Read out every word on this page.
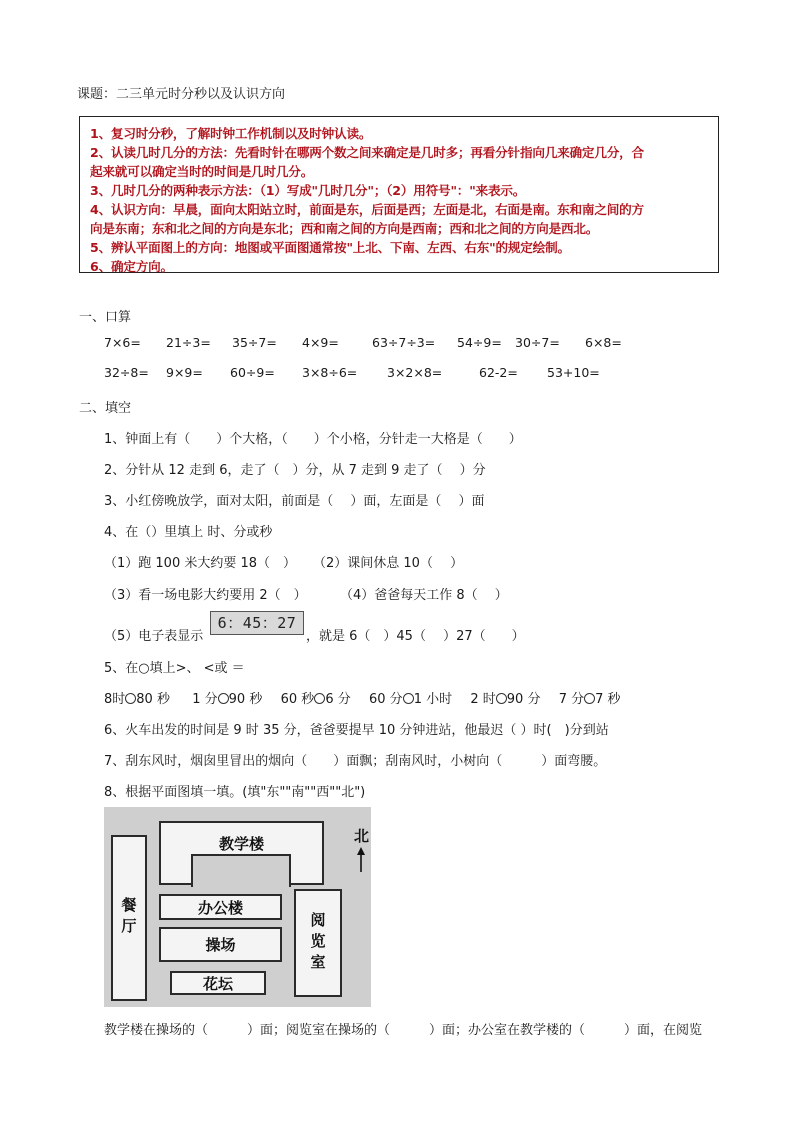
课题：二三单元时分秒以及认识方向
1、复习时分秒，了解时钟工作机制以及时钟认读。
2、认读几时几分的方法：先看时针在哪两个数之间来确定是几时多；再看分针指向几来确定几分，合
起来就可以确定当时的时间是几时几分。
3、几时几分的两种表示方法：（1）写成"几时几分"；（2）用符号"："来表示。
4、认识方向：早晨，面向太阳站立时，前面是东，后面是西；左面是北，右面是南。东和南之间的方
向是东南；东和北之间的方向是东北；西和南之间的方向是西南；西和北之间的方向是西北。
5、辨认平面图上的方向：地图或平面图通常按"上北、下南、左西、右东"的规定绘制。
6、确定方向。
一、口算
7×6= 21÷3= 35÷7= 4×9=	63÷7÷3= 54÷9= 30÷7= 6×8=
32÷8= 9×9= 60÷9= 3×8÷6= 3×2×8=	62-2= 53+10=
二、填空
1、钟面上有（　　）个大格，（　　）个小格，分针走一大格是（　　）
2、分针从 12 走到 6，走了（　）分，从 7 走到 9 走了（　 ）分
3、小红傍晚放学，面对太阳，前面是（　 ）面，左面是（　 ）面
4、在（）里填上 时、分或秒
（1）跑 100 米大约要 18（　） （2）课间休息 10（　 ）
（3）看一场电影大约要用 2（　）	（4）爸爸每天工作 8（　 ）
（5）电子表显示
6：45：27
，就是 6（　）45（　 ）27（　　）
5、在○填上>、 <或 ＝
8时 80 秒 1 分 90 秒 60 秒 6 分 60 分 1 小时 2 时 90 分 7 分 7 秒
6、火车出发的时间是 9 时 35 分，爸爸要提早 10 分钟进站，他最迟（ ）时(　)分到站
7、刮东风时，烟囱里冒出的烟向（　　）面飘；刮南风时，小树向（　　　）面弯腰。
8、根据平面图填一填。(填"东""南""西""北")
教学楼
餐厅	办公楼
操场
花坛
阅览室
北
教学楼在操场的（　　　）面；阅览室在操场的（　　　）面；办公室在教学楼的（　　　）面，在阅览
